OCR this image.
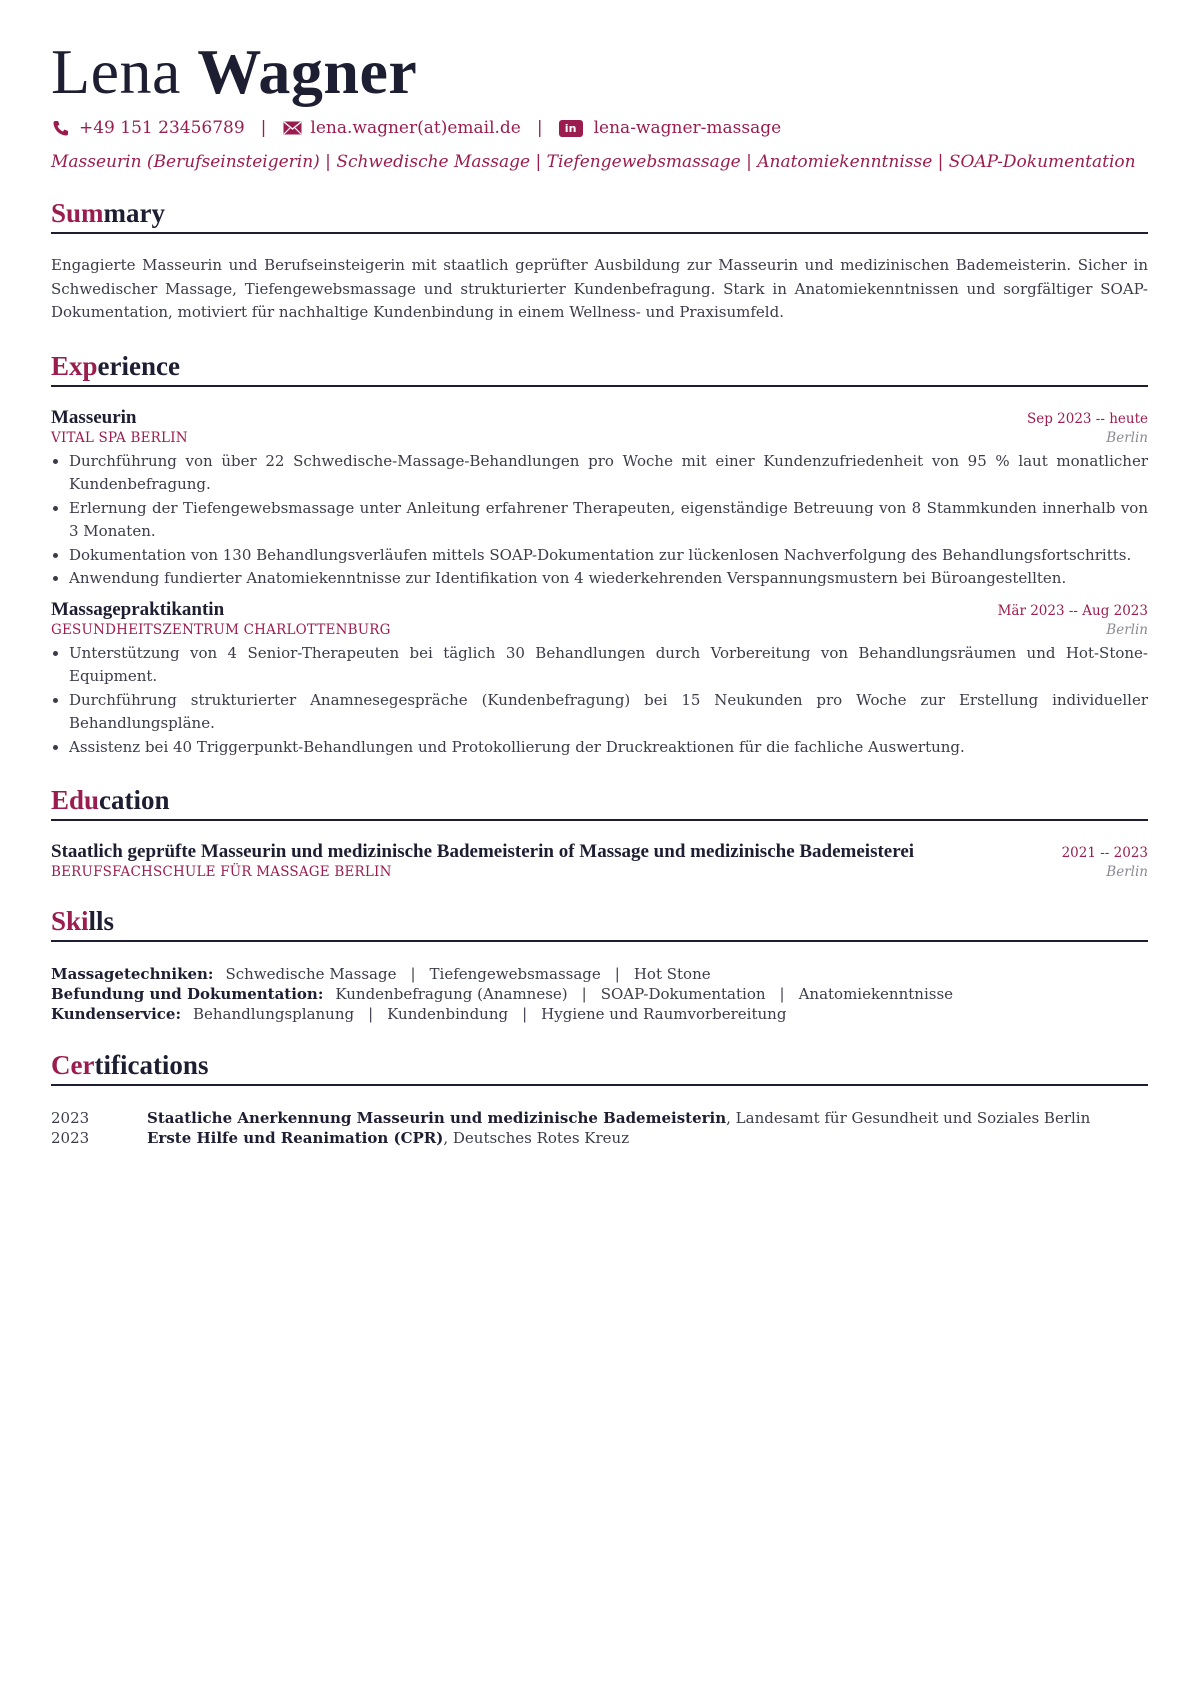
Lena Wagner
+49 151 23456789 |	lena.wagner(at)email.de |	in	lena-wagner-massage
Masseurin (Berufseinsteigerin) | Schwedische Massage | Tiefengewebsmassage | Anatomiekenntnisse | SOAP-Dokumentation
Summary
Engagierte Masseurin und Berufseinsteigerin mit staatlich geprüfter Ausbildung zur Masseurin und medizinischen Bademeisterin. Sicher in Schwedischer Massage, Tiefengewebsmassage und strukturierter Kundenbefragung. Stark in Anatomiekenntnissen und sorgfältiger SOAP-Dokumentation, motiviert für nachhaltige Kundenbindung in einem Wellness- und Praxisumfeld.
Experience
Masseurin	Sep 2023 -- heute
VITAL SPA BERLIN	Berlin
• Durchführung von über 22 Schwedische-Massage-Behandlungen pro Woche mit einer Kundenzufriedenheit von 95 % laut monatlicher Kundenbefragung.
• Erlernung der Tiefengewebsmassage unter Anleitung erfahrener Therapeuten, eigenständige Betreuung von 8 Stammkunden innerhalb von 3 Monaten.
• Dokumentation von 130 Behandlungsverläufen mittels SOAP-Dokumentation zur lückenlosen Nachverfolgung des Behandlungsfortschritts.
• Anwendung fundierter Anatomiekenntnisse zur Identifikation von 4 wiederkehrenden Verspannungsmustern bei Büroangestellten.
Massagepraktikantin	Mär 2023 -- Aug 2023
GESUNDHEITSZENTRUM CHARLOTTENBURG	Berlin
• Unterstützung von 4 Senior-Therapeuten bei täglich 30 Behandlungen durch Vorbereitung von Behandlungsräumen und Hot-Stone-Equipment.
• Durchführung strukturierter Anamnesegespräche (Kundenbefragung) bei 15 Neukunden pro Woche zur Erstellung individueller Behandlungspläne.
• Assistenz bei 40 Triggerpunkt-Behandlungen und Protokollierung der Druckreaktionen für die fachliche Auswertung.
Education
Staatlich geprüfte Masseurin und medizinische Bademeisterin of Massage und medizinische Bademeisterei	2021 -- 2023
BERUFSFACHSCHULE FÜR MASSAGE BERLIN	Berlin
Skills
Massagetechniken: Schwedische Massage | Tiefengewebsmassage | Hot Stone
Befundung und Dokumentation: Kundenbefragung (Anamnese) | SOAP-Dokumentation | Anatomiekenntnisse
Kundenservice: Behandlungsplanung | Kundenbindung | Hygiene und Raumvorbereitung
Certifications
2023	Staatliche Anerkennung Masseurin und medizinische Bademeisterin, Landesamt für Gesundheit und Soziales Berlin
2023	Erste Hilfe und Reanimation (CPR), Deutsches Rotes Kreuz
